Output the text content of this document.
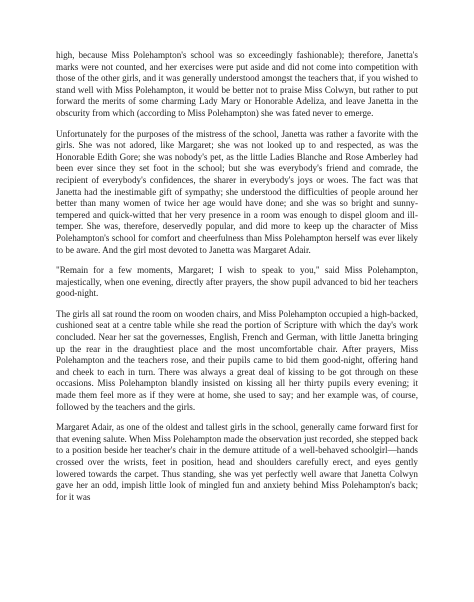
high, because Miss Polehampton's school was so exceedingly fashionable); therefore, Janetta's marks were not counted, and her exercises were put aside and did not come into competition with those of the other girls, and it was generally understood amongst the teachers that, if you wished to stand well with Miss Polehampton, it would be better not to praise Miss Colwyn, but rather to put forward the merits of some charming Lady Mary or Honorable Adeliza, and leave Janetta in the obscurity from which (according to Miss Polehampton) she was fated never to emerge.

Unfortunately for the purposes of the mistress of the school, Janetta was rather a favorite with the girls. She was not adored, like Margaret; she was not looked up to and respected, as was the Honorable Edith Gore; she was nobody's pet, as the little Ladies Blanche and Rose Amberley had been ever since they set foot in the school; but she was everybody's friend and comrade, the recipient of everybody's confidences, the sharer in everybody's joys or woes. The fact was that Janetta had the inestimable gift of sympathy; she understood the difficulties of people around her better than many women of twice her age would have done; and she was so bright and sunny-tempered and quick-witted that her very presence in a room was enough to dispel gloom and ill-temper. She was, therefore, deservedly popular, and did more to keep up the character of Miss Polehampton's school for comfort and cheerfulness than Miss Polehampton herself was ever likely to be aware. And the girl most devoted to Janetta was Margaret Adair.

"Remain for a few moments, Margaret; I wish to speak to you," said Miss Polehampton, majestically, when one evening, directly after prayers, the show pupil advanced to bid her teachers good-night.

The girls all sat round the room on wooden chairs, and Miss Polehampton occupied a high-backed, cushioned seat at a centre table while she read the portion of Scripture with which the day's work concluded. Near her sat the governesses, English, French and German, with little Janetta bringing up the rear in the draughtiest place and the most uncomfortable chair. After prayers, Miss Polehampton and the teachers rose, and their pupils came to bid them good-night, offering hand and cheek to each in turn. There was always a great deal of kissing to be got through on these occasions. Miss Polehampton blandly insisted on kissing all her thirty pupils every evening; it made them feel more as if they were at home, she used to say; and her example was, of course, followed by the teachers and the girls.

Margaret Adair, as one of the oldest and tallest girls in the school, generally came forward first for that evening salute. When Miss Polehampton made the observation just recorded, she stepped back to a position beside her teacher's chair in the demure attitude of a well-behaved schoolgirl—hands crossed over the wrists, feet in position, head and shoulders carefully erect, and eyes gently lowered towards the carpet. Thus standing, she was yet perfectly well aware that Janetta Colwyn gave her an odd, impish little look of mingled fun and anxiety behind Miss Polehampton's back; for it was
